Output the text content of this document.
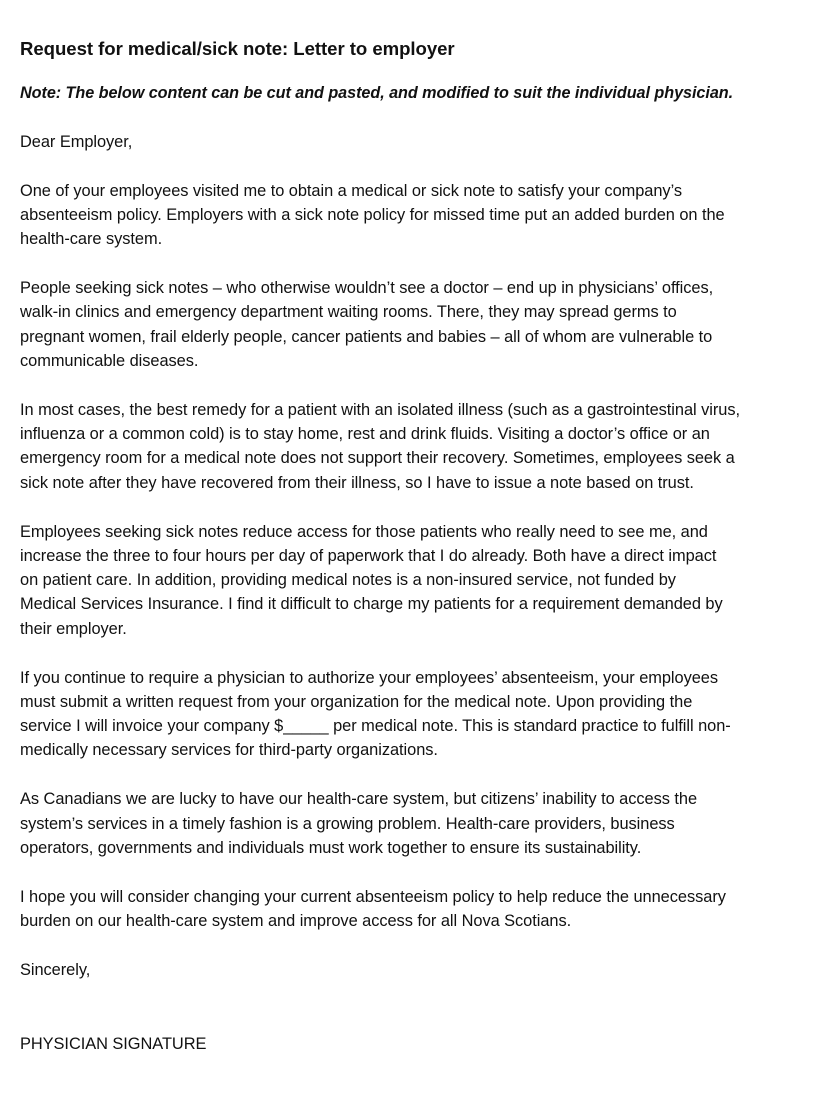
Request for medical/sick note: Letter to employer
Note: The below content can be cut and pasted, and modified to suit the individual physician.
Dear Employer,
One of your employees visited me to obtain a medical or sick note to satisfy your company’s
absenteeism policy. Employers with a sick note policy for missed time put an added burden on the
health-care system.
People seeking sick notes – who otherwise wouldn’t see a doctor – end up in physicians’ offices,
walk-in clinics and emergency department waiting rooms. There, they may spread germs to
pregnant women, frail elderly people, cancer patients and babies – all of whom are vulnerable to
communicable diseases.
In most cases, the best remedy for a patient with an isolated illness (such as a gastrointestinal virus,
influenza or a common cold) is to stay home, rest and drink fluids. Visiting a doctor’s office or an
emergency room for a medical note does not support their recovery. Sometimes, employees seek a
sick note after they have recovered from their illness, so I have to issue a note based on trust.
Employees seeking sick notes reduce access for those patients who really need to see me, and
increase the three to four hours per day of paperwork that I do already. Both have a direct impact
on patient care. In addition, providing medical notes is a non-insured service, not funded by
Medical Services Insurance. I find it difficult to charge my patients for a requirement demanded by
their employer.
If you continue to require a physician to authorize your employees’ absenteeism, your employees
must submit a written request from your organization for the medical note. Upon providing the
service I will invoice your company $_____ per medical note. This is standard practice to fulfill non-
medically necessary services for third-party organizations.
As Canadians we are lucky to have our health-care system, but citizens’ inability to access the
system’s services in a timely fashion is a growing problem. Health-care providers, business
operators, governments and individuals must work together to ensure its sustainability.
I hope you will consider changing your current absenteeism policy to help reduce the unnecessary
burden on our health-care system and improve access for all Nova Scotians.
Sincerely,
PHYSICIAN SIGNATURE
